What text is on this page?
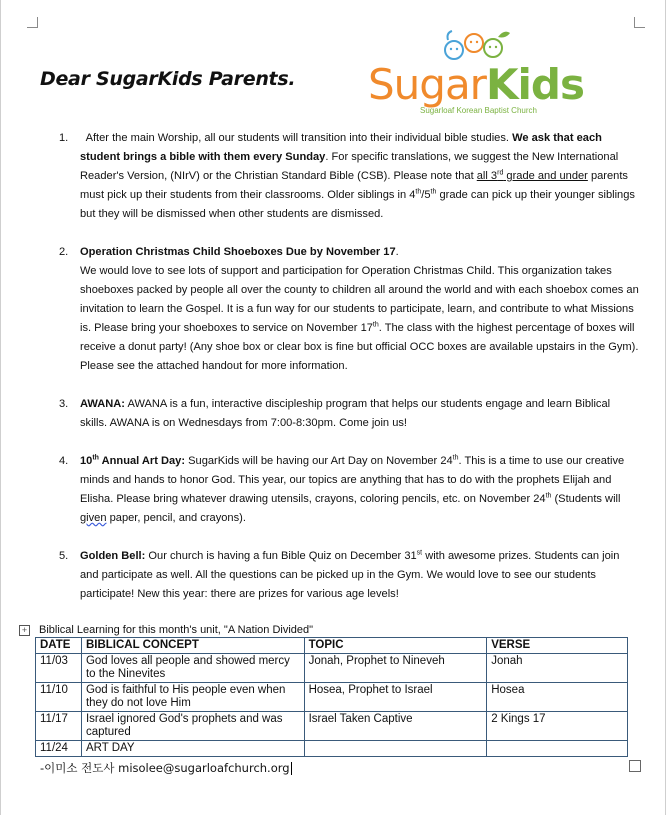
Dear SugarKids Parents. SugarKids
Sugarloaf Korean Baptist Church
1.	After the main Worship, all our students will transition into their individual bible studies. We ask that each student brings a bible with them every Sunday. For specific translations, we suggest the New International Reader's Version, (NIrV) or the Christian Standard Bible (CSB). Please note that all 3rd grade and under parents must pick up their students from their classrooms. Older siblings in 4th/5th grade can pick up their younger siblings but they will be dismissed when other students are dismissed.

2. Operation Christmas Child Shoeboxes Due by November 17.
We would love to see lots of support and participation for Operation Christmas Child. This organization takes shoeboxes packed by people all over the county to children all around the world and with each shoebox comes an invitation to learn the Gospel. It is a fun way for our students to participate, learn, and contribute to what Missions is. Please bring your shoeboxes to service on November 17th. The class with the highest percentage of boxes will receive a donut party! (Any shoe box or clear box is fine but official OCC boxes are available upstairs in the Gym). Please see the attached handout for more information.

3. AWANA: AWANA is a fun, interactive discipleship program that helps our students engage and learn Biblical skills. AWANA is on Wednesdays from 7:00-8:30pm. Come join us!

4. 10th Annual Art Day: SugarKids will be having our Art Day on November 24th. This is a time to use our creative minds and hands to honor God. This year, our topics are anything that has to do with the prophets Elijah and Elisha. Please bring whatever drawing utensils, crayons, coloring pencils, etc. on November 24th (Students will given paper, pencil, and crayons).

5. Golden Bell: Our church is having a fun Bible Quiz on December 31st with awesome prizes. Students can join and participate as well. All the questions can be picked up in the Gym. We would love to see our students participate! New this year: there are prizes for various age levels!

+ Biblical Learning for this month's unit, "A Nation Divided"
DATE	BIBLICAL CONCEPT	TOPIC	VERSE
11/03	God loves all people and showed mercy to the Ninevites	Jonah, Prophet to Nineveh	Jonah
11/10	God is faithful to His people even when they do not love Him	Hosea, Prophet to Israel	Hosea
11/17	Israel ignored God's prophets and was captured	Israel Taken Captive	2 Kings 17
11/24	ART DAY		
-이미소 전도사 misolee@sugarloafchurch.org
